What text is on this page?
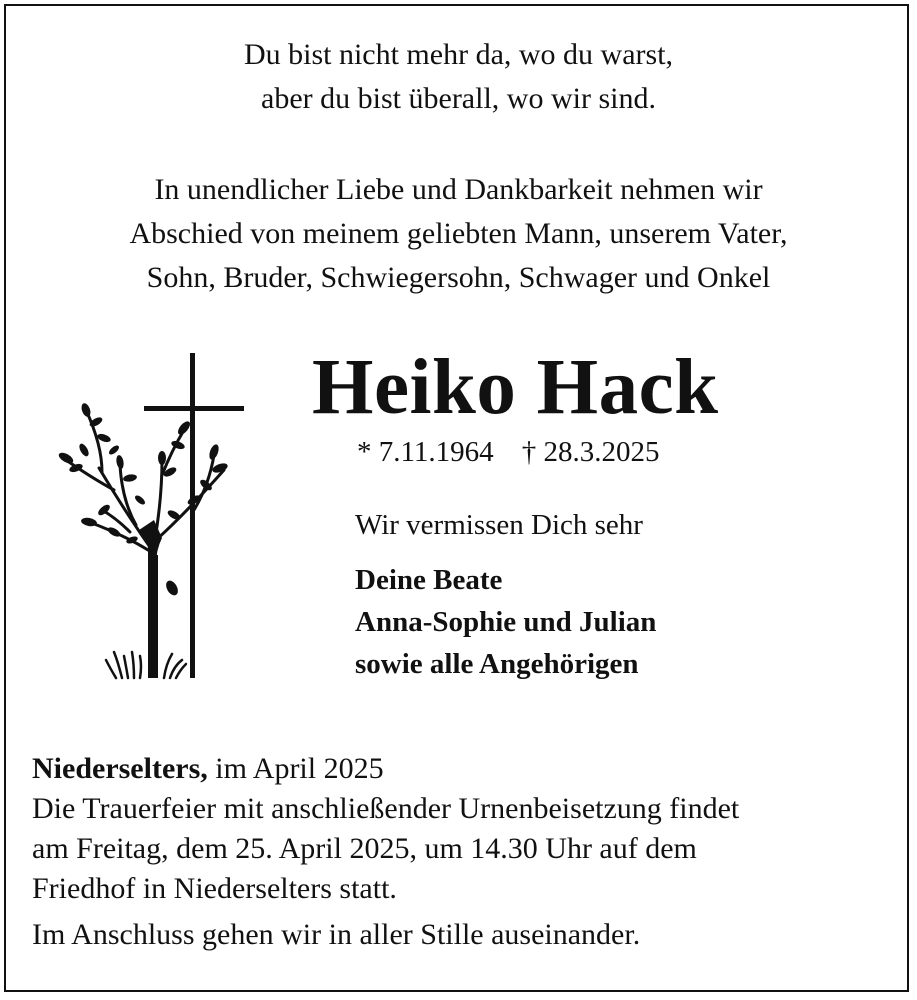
Du bist nicht mehr da, wo du warst,
aber du bist überall, wo wir sind.
In unendlicher Liebe und Dankbarkeit nehmen wir
Abschied von meinem geliebten Mann, unserem Vater,
Sohn, Bruder, Schwiegersohn, Schwager und Onkel
Heiko Hack
* 7.11.1964 † 28.3.2025
Wir vermissen Dich sehr
Deine Beate
Anna-Sophie und Julian
sowie alle Angehörigen

Niederselters, im April 2025

Die Trauerfeier mit anschließender Urnenbeisetzung findet

am Freitag, dem 25. April 2025, um 14.30 Uhr auf dem

Friedhof in Niederselters statt.

Im Anschluss gehen wir in aller Stille auseinander.
